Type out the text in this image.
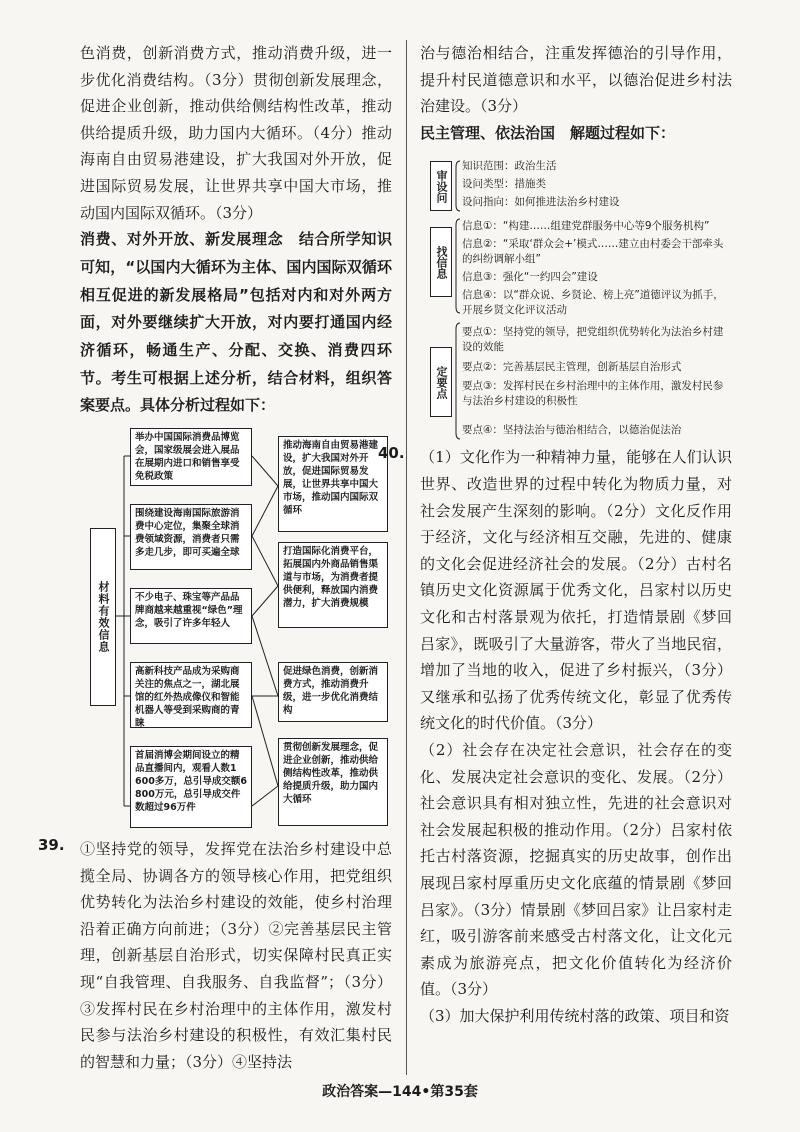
色消费，创新消费方式，推动消费升级，进一步优化消费结构。（3分）贯彻创新发展理念，促进企业创新，推动供给侧结构性改革，推动供给提质升级，助力国内大循环。（4分）推动海南自由贸易港建设，扩大我国对外开放，促进国际贸易发展，让世界共享中国大市场，推动国内国际双循环。（3分）
消费、对外开放、新发展理念　结合所学知识可知，“以国内大循环为主体、国内国际双循环相互促进的新发展格局”包括对内和对外两方面，对外要继续扩大开放，对内要打通国内经济循环，畅通生产、分配、交换、消费四环节。考生可根据上述分析，结合材料，组织答案要点。具体分析过程如下：
材料有效信息
举办中国国际消费品博览会，国家级展会进入展品在展期内进口和销售享受免税政策
围绕建设海南国际旅游消费中心定位，集聚全球消费领域资源，消费者只需多走几步，即可买遍全球
不少电子、珠宝等产品品牌商越来越重视“绿色”理念，吸引了许多年轻人
高新科技产品成为采购商关注的焦点之一，湖北展馆的红外热成像仪和智能机器人等受到采购商的青睐
首届消博会期间设立的精品直播间内，观看人数1 600多万，总引导成交额6 800万元，总引导成交件数超过96万件
推动海南自由贸易港建设，扩大我国对外开放，促进国际贸易发展，让世界共享中国大市场，推动国内国际双循环
打造国际化消费平台，拓展国内外商品销售渠道与市场，为消费者提供便利，释放国内消费潜力，扩大消费规模
促进绿色消费，创新消费方式，推动消费升级，进一步优化消费结构
贯彻创新发展理念，促进企业创新，推动供给侧结构性改革，推动供给提质升级，助力国内大循环
39. ①坚持党的领导，发挥党在法治乡村建设中总揽全局、协调各方的领导核心作用，把党组织优势转化为法治乡村建设的效能，使乡村治理沿着正确方向前进；（3分）②完善基层民主管理，创新基层自治形式，切实保障村民真正实现“自我管理、自我服务、自我监督”；（3分）③发挥村民在乡村治理中的主体作用，激发村民参与法治乡村建设的积极性，有效汇集村民的智慧和力量；（3分）④坚持法
治与德治相结合，注重发挥德治的引导作用，提升村民道德意识和水平，以德治促进乡村法治建设。（3分）
民主管理、依法治国　解题过程如下：
审设问
找信息
定要点
知识范围：政治生活
设问类型：措施类
设问指向：如何推进法治乡村建设
信息①：“构建……组建党群服务中心等9个服务机构”
信息②：“采取‘群众会+’模式……建立由村委会干部牵头的纠纷调解小组”
信息③：强化“一约四会”建设
信息④：以“群众说、乡贤论、榜上亮”道德评议为抓手，开展乡贤文化评议活动
要点①：坚持党的领导，把党组织优势转化为法治乡村建设的效能
要点②：完善基层民主管理，创新基层自治形式
要点③：发挥村民在乡村治理中的主体作用，激发村民参与法治乡村建设的积极性
要点④：坚持法治与德治相结合，以德治促法治
40. （1）文化作为一种精神力量，能够在人们认识世界、改造世界的过程中转化为物质力量，对社会发展产生深刻的影响。（2分）文化反作用于经济，文化与经济相互交融，先进的、健康的文化会促进经济社会的发展。（2分）古村名镇历史文化资源属于优秀文化，吕家村以历史文化和古村落景观为依托，打造情景剧《梦回吕家》，既吸引了大量游客，带火了当地民宿，增加了当地的收入，促进了乡村振兴，（3分）又继承和弘扬了优秀传统文化，彰显了优秀传统文化的时代价值。（3分）
（2）社会存在决定社会意识，社会存在的变化、发展决定社会意识的变化、发展。（2分）社会意识具有相对独立性，先进的社会意识对社会发展起积极的推动作用。（2分）吕家村依托古村落资源，挖掘真实的历史故事，创作出展现吕家村厚重历史文化底蕴的情景剧《梦回吕家》。（3分）情景剧《梦回吕家》让吕家村走红，吸引游客前来感受古村落文化，让文化元素成为旅游亮点，把文化价值转化为经济价值。（3分）
（3）加大保护利用传统村落的政策、项目和资
政治答案—144•第35套
